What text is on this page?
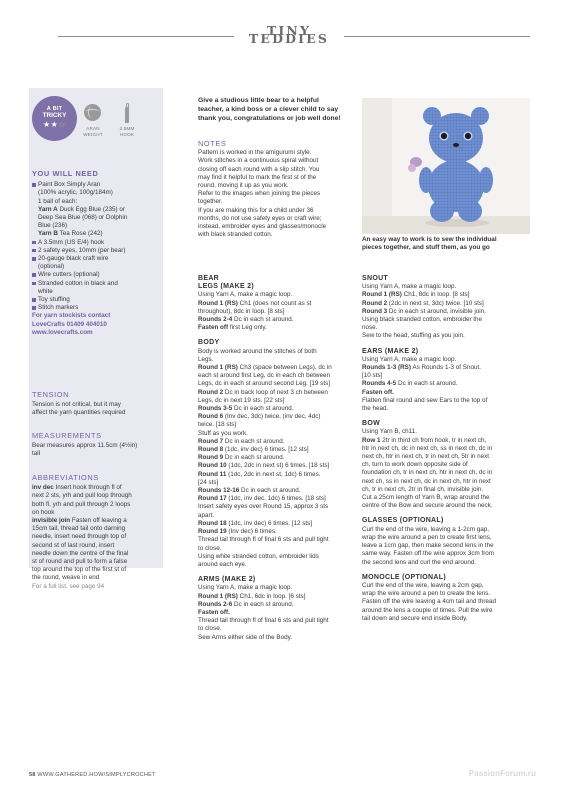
TINY TEDDIES
A BIT
TRICKY
★★☆	ARAN
WEIGHT
3.5MM
HOOK
YOU WILL NEED
Paint Box Simply Aran
(100% acrylic, 100g/184m)
1 ball of each:
Yarn A Duck Egg Blue (235) or
Deep Sea Blue (068) or Dolphin
Blue (236)
Yarn B Tea Rose (242)
A 3.5mm (US E/4) hook
2 safety eyes, 10mm (per bear)
20-gauge black craft wire
(optional)
Wire cutters (optional)
Stranded cotton in black and
white
Toy stuffing
Stitch markers
For yarn stockists contact
LoveCrafts 01409 404010
www.lovecrafts.com
TENSION
Tension is not critical, but it may
affect the yarn quantities required
MEASUREMENTS
Bear measures approx 11.5cm (4½in)
tall
ABBREVIATIONS
inv dec Insert hook through fl of
next 2 sts, yrh and pull loop through
both fl, yrh and pull through 2 loops
on hook
invisible join Fasten off leaving a
15cm tail, thread tail onto darning
needle, insert need through top of
second st of last round, insert
needle down the centre of the final
st of round and pull to form a false
top around the top of the first st of
the round, weave in end
For a full list, see page 94
Give a studious little bear to a helpful
teacher, a kind boss or a clever child to say
thank you, congratulations or job well done!
NOTES
Pattern is worked in the amigurumi style.
Work stitches in a continuous spiral without
closing off each round with a slip stitch. You
may find it helpful to mark the first st of the
round, moving it up as you work.
Refer to the images when joining the pieces
together.
If you are making this for a child under 36
months, do not use safety eyes or craft wire;
instead, embroider eyes and glasses/monocle
with black stranded cotton.
BEAR
LEGS (MAKE 2)
Using Yarn A, make a magic loop.
Round 1 (RS) Ch1 (does not count as st
throughout), 8dc in loop. [8 sts]
Rounds 2-4 Dc in each st around.
Fasten off first Leg only.
BODY
Body is worked around the stitches of both
Legs.
Round 1 (RS) Ch3 (space between Legs), dc in
each st around first Leg, dc in each ch between
Legs, dc in each st around second Leg. [19 sts]
Round 2 Dc in back loop of next 3 ch between
Legs, dc in next 19 sts. [22 sts]
Rounds 3-5 Dc in each st around.
Round 6 (Inv dec, 3dc) twice, (inv dec, 4dc)
twice. [18 sts]
Stuff as you work.
Round 7 Dc in each st around.
Round 8 (1dc, inv dec) 6 times. [12 sts]
Round 9 Dc in each st around.
Round 10 (1dc, 2dc in next st) 6 times. [18 sts]
Round 11 (1dc, 2dc in next st, 1dc) 6 times.
[24 sts]
Rounds 12-16 Dc in each st around.
Round 17 (1dc, inv dec, 1dc) 6 times. [18 sts]
Insert safety eyes over Round 15, approx 3 sts
apart.
Round 18 (1dc, inv dec) 6 times. [12 sts]
Round 19 (Inv dec) 6 times.
Thread tail through fl of final 6 sts and pull tight
to close.
Using white stranded cotton, embroider lids
around each eye.
ARMS (MAKE 2)
Using Yarn A, make a magic loop.
Round 1 (RS) Ch1, 6dc in loop. [6 sts]
Rounds 2-6 Dc in each st around.
Fasten off.
Thread tail through fl of final 6 sts and pull tight
to close.
Sew Arms either side of the Body.
An easy way to work is to sew the individual
pieces together, and stuff them, as you go
SNOUT
Using Yarn A, make a magic loop.
Round 1 (RS) Ch1, 8dc in loop. [8 sts]
Round 2 (2dc in next st, 3dc) twice. [10 sts]
Round 3 Dc in each st around, invisible join.
Using black stranded cotton, embroider the
nose.
Sew to the head, stuffing as you join.
EARS (MAKE 2)
Using Yarn A, make a magic loop.
Rounds 1-3 (RS) As Rounds 1-3 of Snout.
[10 sts]
Rounds 4-5 Dc in each st around.
Fasten off.
Flatten final round and sew Ears to the top of
the head.
BOW
Using Yarn B, ch11.
Row 1 2tr in third ch from hook, tr in next ch,
htr in next ch, dc in next ch, ss in next ch, dc in
next ch, htr in next ch, tr in next ch, 5tr in next
ch, turn to work down opposite side of
foundation ch, tr in next ch, htr in next ch, dc in
next ch, ss in next ch, dc in next ch, htr in next
ch, tr in next ch, 2tr in final ch, invisible join.
Cut a 25cm length of Yarn B, wrap around the
centre of the Bow and secure around the neck.
GLASSES (OPTIONAL)
Curl the end of the wire, leaving a 1-2cm gap,
wrap the wire around a pen to create first lens,
leave a 1cm gap, then make second lens in the
same way. Fasten off the wire approx 3cm from
the second lens and curl the end around.
MONOCLE (OPTIONAL)
Curl the end of the wire, leaving a 2cm gap,
wrap the wire around a pen to create the lens.
Fasten off the wire leaving a 4cm tail and thread
around the lens a couple of times. Pull the wire
tail down and secure end inside Body.
58 WWW.GATHERED.HOW/SIMPLYCROCHET	PassionForum.ru
